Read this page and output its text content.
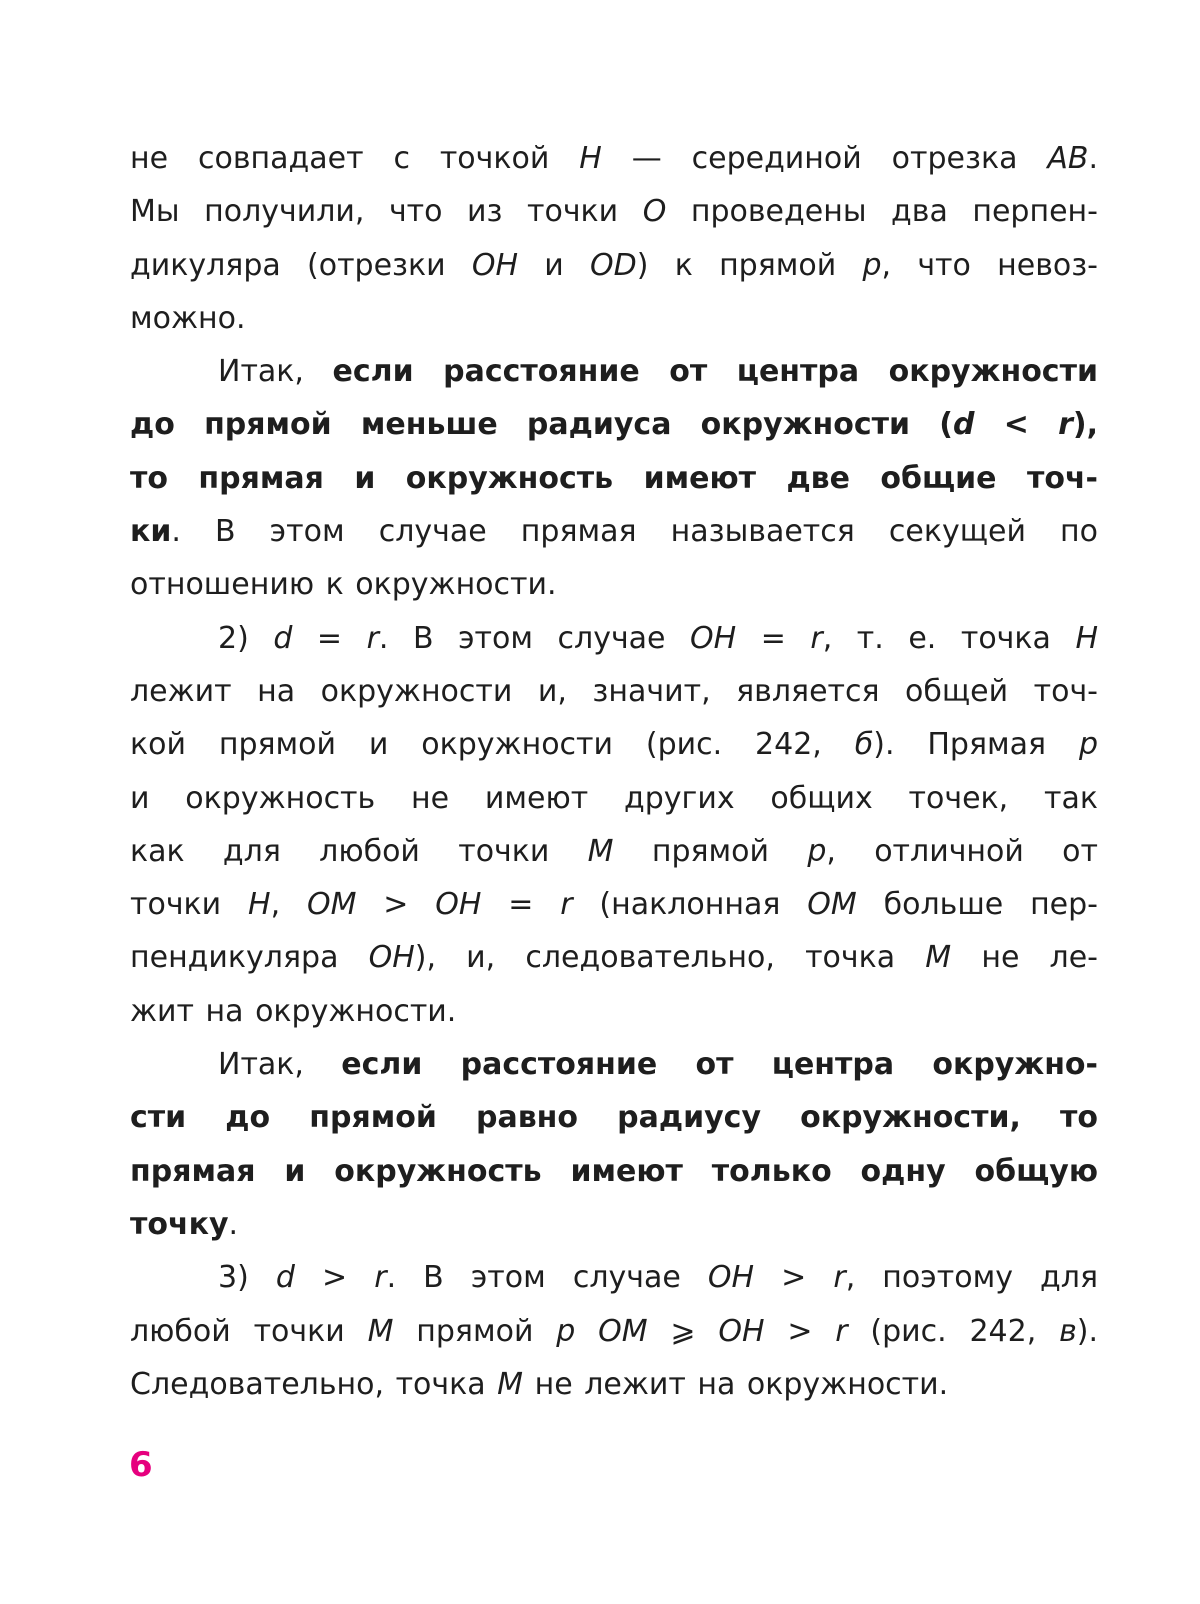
не совпадает с точкой H — серединой отрезка AB.
Мы получили, что из точки O проведены два перпен-
дикуляра (отрезки OH и OD) к прямой p, что невоз-
можно.
Итак, если расстояние от центра окружности
до прямой меньше радиуса окружности (d < r),
то прямая и окружность имеют две общие точ-
ки. В этом случае прямая называется секущей по
отношению к окружности.
2) d = r. В этом случае OH = r, т. е. точка H
лежит на окружности и, значит, является общей точ-
кой прямой и окружности (рис. 242, б). Прямая p
и окружность не имеют других общих точек, так
как для любой точки M прямой p, отличной от
точки H, OM > OH = r (наклонная OM больше пер-
пендикуляра OH), и, следовательно, точка M не ле-
жит на окружности.
Итак, если расстояние от центра окружно-
сти до прямой равно радиусу окружности, то
прямая и окружность имеют только одну общую
точку.
3) d > r. В этом случае OH > r, поэтому для
любой точки M прямой p OM ⩾ OH > r (рис. 242, в).
Следовательно, точка M не лежит на окружности.
6
